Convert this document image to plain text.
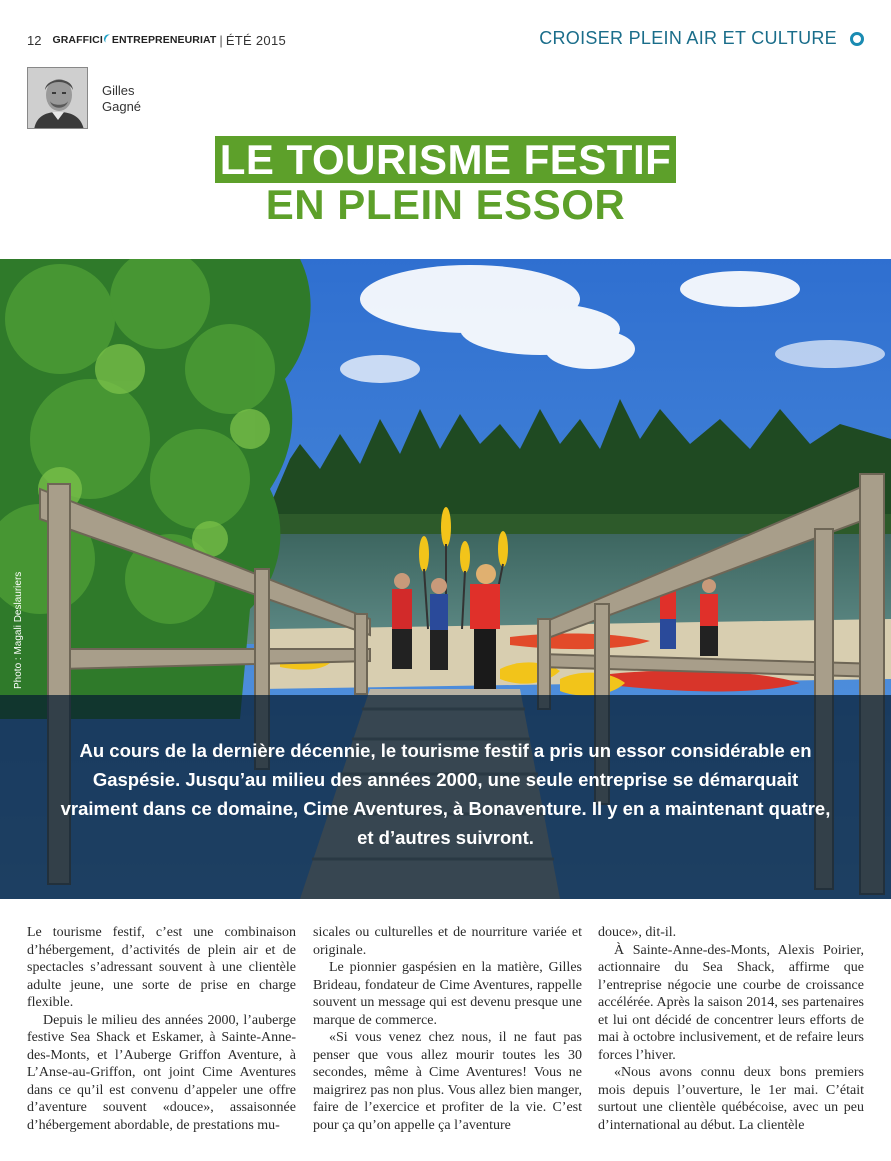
12 GRAFFICI ENTREPRENEURIAT | ÉTÉ 2015	CROISER PLEIN AIR ET CULTURE
Gilles
Gagné
LE TOURISME FESTIF
EN PLEIN ESSOR
Photo : Magali Deslauriers
Au cours de la dernière décennie, le tourisme festif a pris un essor considérable en Gaspésie. Jusqu’au milieu des années 2000, une seule entreprise se démarquait vraiment dans ce domaine, Cime Aventures, à Bonaventure. Il y en a maintenant quatre, et d’autres suivront.

Le tourisme festif, c’est une combinaison d’hébergement, d’activités de plein air et de spectacles s’adressant souvent à une clientèle adulte jeune, une sorte de prise en charge flexible.

Depuis le milieu des années 2000, l’auberge festive Sea Shack et Eskamer, à Sainte-Anne-des-Monts, et l’Auberge Griffon Aventure, à L’Anse-au-Griffon, ont joint Cime Aventures dans ce qu’il est convenu d’appeler une offre d’aventure souvent «douce», assaisonnée d’hébergement abordable, de prestations mu-

sicales ou culturelles et de nourriture variée et originale.

Le pionnier gaspésien en la matière, Gilles Brideau, fondateur de Cime Aventures, rappelle souvent un message qui est devenu presque une marque de commerce.

«Si vous venez chez nous, il ne faut pas penser que vous allez mourir toutes les 30 secondes, même à Cime Aventures! Vous ne maigrirez pas non plus. Vous allez bien manger, faire de l’exercice et profiter de la vie. C’est pour ça qu’on appelle ça l’aventure

douce», dit-il.

À Sainte-Anne-des-Monts, Alexis Poirier, actionnaire du Sea Shack, affirme que l’entreprise négocie une courbe de croissance accélérée. Après la saison 2014, ses partenaires et lui ont décidé de concentrer leurs efforts de mai à octobre inclusivement, et de refaire leurs forces l’hiver.

«Nous avons connu deux bons premiers mois depuis l’ouverture, le 1er mai. C’était surtout une clientèle québécoise, avec un peu d’international au début. La clientèle
